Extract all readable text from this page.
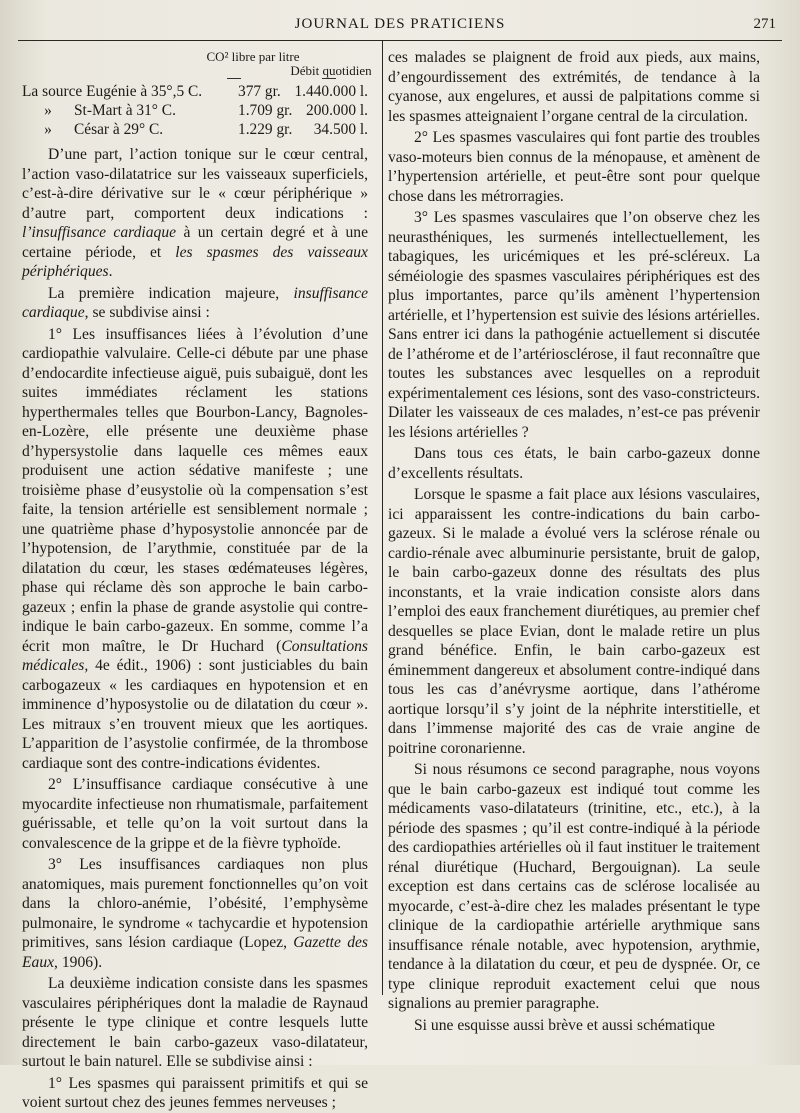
JOURNAL DES PRATICIENS	271
CO² libre par litre
Débit quotidien
La source Eugénie à 35°,5 C.	377 gr. 1.440.000 l.
» St-Mart à 31° C.	1.709 gr. 200.000 l.
» César à 29° C.	1.229 gr.	34.500 l.

D’une part, l’action tonique sur le cœur central, l’action vaso-dilatatrice sur les vaisseaux superficiels, c’est-à-dire dérivative sur le « cœur périphérique » d’autre part, comportent deux indications : l’insuffisance cardiaque à un certain degré et à une certaine période, et les spasmes des vaisseaux périphériques.

La première indication majeure, insuffisance cardiaque, se subdivise ainsi :

1° Les insuffisances liées à l’évolution d’une cardiopathie valvulaire. Celle-ci débute par une phase d’endocardite infectieuse aiguë, puis subaiguë, dont les suites immédiates réclament les stations hyperthermales telles que Bourbon-Lancy, Bagnoles-en-Lozère, elle présente une deuxième phase d’hypersystolie dans laquelle ces mêmes eaux produisent une action sédative manifeste ; une troisième phase d’eusystolie où la compensation s’est faite, la tension artérielle est sensiblement normale ; une quatrième phase d’hyposystolie annoncée par de l’hypotension, de l’arythmie, constituée par de la dilatation du cœur, les stases œdémateuses légères, phase qui réclame dès son approche le bain carbo-gazeux ; enfin la phase de grande asystolie qui contre-indique le bain carbo-gazeux. En somme, comme l’a écrit mon maître, le Dr Huchard (Consultations médicales, 4e édit., 1906) : sont justiciables du bain carbogazeux « les cardiaques en hypotension et en imminence d’hyposystolie ou de dilatation du cœur ». Les mitraux s’en trouvent mieux que les aortiques. L’apparition de l’asystolie confirmée, de la thrombose cardiaque sont des contre-indications évidentes.

2° L’insuffisance cardiaque consécutive à une myocardite infectieuse non rhumatismale, parfaitement guérissable, et telle qu’on la voit surtout dans la convalescence de la grippe et de la fièvre typhoïde.

3° Les insuffisances cardiaques non plus anatomiques, mais purement fonctionnelles qu’on voit dans la chloro-anémie, l’obésité, l’emphysème pulmonaire, le syndrome « tachycardie et hypotension primitives, sans lésion cardiaque (Lopez, Gazette des Eaux, 1906).

La deuxième indication consiste dans les spasmes vasculaires périphériques dont la maladie de Raynaud présente le type clinique et contre lesquels lutte directement le bain carbo-gazeux vaso-dilatateur, surtout le bain naturel. Elle se subdivise ainsi :

1° Les spasmes qui paraissent primitifs et qui se voient surtout chez des jeunes femmes nerveuses ;

ces malades se plaignent de froid aux pieds, aux mains, d’engourdissement des extrémités, de tendance à la cyanose, aux engelures, et aussi de palpitations comme si les spasmes atteignaient l’organe central de la circulation.

2° Les spasmes vasculaires qui font partie des troubles vaso-moteurs bien connus de la ménopause, et amènent de l’hypertension artérielle, et peut-être sont pour quelque chose dans les métrorragies.

3° Les spasmes vasculaires que l’on observe chez les neurasthéniques, les surmenés intellectuellement, les tabagiques, les uricémiques et les pré-scléreux. La séméiologie des spasmes vasculaires périphériques est des plus importantes, parce qu’ils amènent l’hypertension artérielle, et l’hypertension est suivie des lésions artérielles. Sans entrer ici dans la pathogénie actuellement si discutée de l’athérome et de l’artériosclérose, il faut reconnaître que toutes les substances avec lesquelles on a reproduit expérimentalement ces lésions, sont des vaso-constricteurs. Dilater les vaisseaux de ces malades, n’est-ce pas prévenir les lésions artérielles ?

Dans tous ces états, le bain carbo-gazeux donne d’excellents résultats.

Lorsque le spasme a fait place aux lésions vasculaires, ici apparaissent les contre-indications du bain carbo-gazeux. Si le malade a évolué vers la sclérose rénale ou cardio-rénale avec albuminurie persistante, bruit de galop, le bain carbo-gazeux donne des résultats des plus inconstants, et la vraie indication consiste alors dans l’emploi des eaux franchement diurétiques, au premier chef desquelles se place Evian, dont le malade retire un plus grand bénéfice. Enfin, le bain carbo-gazeux est éminemment dangereux et absolument contre-indiqué dans tous les cas d’anévrysme aortique, dans l’athérome aortique lorsqu’il s’y joint de la néphrite interstitielle, et dans l’immense majorité des cas de vraie angine de poitrine coronarienne.

Si nous résumons ce second paragraphe, nous voyons que le bain carbo-gazeux est indiqué tout comme les médicaments vaso-dilatateurs (trinitine, etc., etc.), à la période des spasmes ; qu’il est contre-indiqué à la période des cardiopathies artérielles où il faut instituer le traitement rénal diurétique (Huchard, Bergouignan). La seule exception est dans certains cas de sclérose localisée au myocarde, c’est-à-dire chez les malades présentant le type clinique de la cardiopathie artérielle arythmique sans insuffisance rénale notable, avec hypotension, arythmie, tendance à la dilatation du cœur, et peu de dyspnée. Or, ce type clinique reproduit exactement celui que nous signalions au premier paragraphe.

Si une esquisse aussi brève et aussi schématique
